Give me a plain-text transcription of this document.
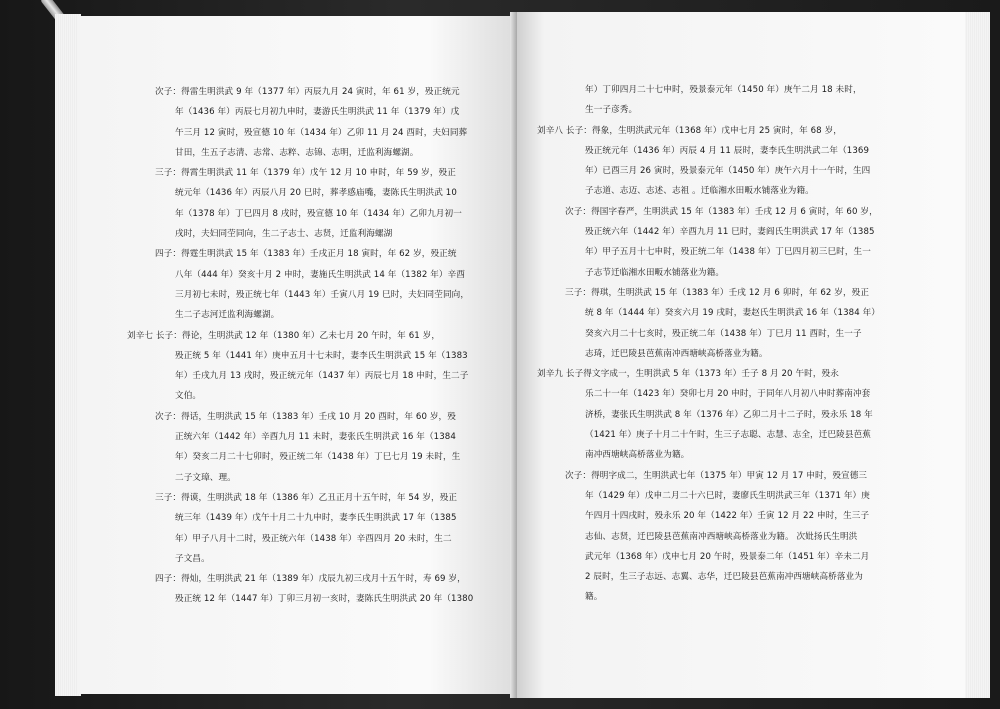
次子：得雷生明洪武 9 年（1377 年）丙辰九月 24 寅时，年 61 岁，殁正统元
年（1436 年）丙辰七月初九申时，妻游氏生明洪武 11 年（1379 年）戊
午三月 12 寅时，殁宣德 10 年（1434 年）乙卯 11 月 24 酉时，夫妇同葬
甘田，生五子志清、志常、志粹、志锦、志明，迁监利海螺湖。
三子：得霄生明洪武 11 年（1379 年）戊午 12 月 10 申时，年 59 岁，殁正
统元年（1436 年）丙辰八月 20 巳时，葬孝感庙嘴，妻陈氏生明洪武 10
年（1378 年）丁巳四月 8 戌时，殁宣德 10 年（1434 年）乙卯九月初一
戌时，夫妇同茔同向，生二子志士、志贤，迁监利海螺湖
四子：得霆生明洪武 15 年（1383 年）壬戌正月 18 寅时，年 62 岁，殁正统
八年（444 年）癸亥十月 2 申时，妻施氏生明洪武 14 年（1382 年）辛酉
三月初七未时，殁正统七年（1443 年）壬寅八月 19 巳时，夫妇同茔同向，
生二子志河迁监利海螺湖。
刘辛七 长子：得论，生明洪武 12 年（1380 年）乙未七月 20 午时，年 61 岁，
殁正统 5 年（1441 年）庚申五月十七未时，妻李氏生明洪武 15 年（1383
年）壬戌九月 13 戌时，殁正统元年（1437 年）丙辰七月 18 申时，生二子
文伯。
次子：得话，生明洪武 15 年（1383 年）壬戌 10 月 20 酉时，年 60 岁，殁
正统六年（1442 年）辛酉九月 11 未时，妻张氏生明洪武 16 年（1384
年）癸亥二月二十七卯时，殁正统二年（1438 年）丁巳七月 19 未时，生
二子文璋、理。
三子：得谟，生明洪武 18 年（1386 年）乙丑正月十五午时，年 54 岁，殁正
统三年（1439 年）戊午十月二十九申时，妻李氏生明洪武 17 年（1385
年）甲子八月十二时，殁正统六年（1438 年）辛酉四月 20 未时，生二
子文昌。
四子：得灿，生明洪武 21 年（1389 年）戊辰九初三戌月十五午时，寿 69 岁，
殁正统 12 年（1447 年）丁卯三月初一亥时，妻陈氏生明洪武 20 年（1380
年）丁卯四月二十七申时，殁景泰元年（1450 年）庚午二月 18 未时，
生一子彦秀。
刘辛八 长子：得象，生明洪武元年（1368 年）戊申七月 25 寅时，年 68 岁，
殁正统元年（1436 年）丙辰 4 月 11 辰时，妻李氏生明洪武二年（1369
年）已酉三月 26 寅时，殁景泰元年（1450 年）庚午六月十一午时，生四
子志道、志迈、志述、志祖 。迁临湘水田畈水铺落业为籍。
次子：得国字春严，生明洪武 15 年（1383 年）壬戌 12 月 6 寅时，年 60 岁，
殁正统六年（1442 年）辛酉九月 11 巳时，妻阎氏生明洪武 17 年（1385
年）甲子五月十七申时，殁正统二年（1438 年）丁巳四月初三巳时，生一
子志节迁临湘水田畈水铺落业为籍。
三子：得琪，生明洪武 15 年（1383 年）壬戌 12 月 6 卯时，年 62 岁，殁正
统 8 年（1444 年）癸亥六月 19 戌时，妻赵氏生明洪武 16 年（1384 年）
癸亥六月二十七亥时，殁正统二年（1438 年）丁巳月 11 酉时，生一子
志琦，迁巴陵县芭蕉南冲西塘峡高桥落业为籍。
刘辛九 长子得文字成一，生明洪武 5 年（1373 年）壬子 8 月 20 午时，殁永
乐二十一年（1423 年）癸卯七月 20 申时，于同年八月初八申时葬南冲套
济桥，妻张氏生明洪武 8 年（1376 年）乙卯二月十二子时，殁永乐 18 年
（1421 年）庚子十月二十午时，生三子志聪、志慧、志全，迁巴陵县芭蕉
南冲西塘峡高桥落业为籍。
次子：得明字成二，生明洪武七年（1375 年）甲寅 12 月 17 申时，殁宣德三
年（1429 年）戊申二月二十六巳时，妻廖氏生明洪武三年（1371 年）庚
午四月十四戌时，殁永乐 20 年（1422 年）壬寅 12 月 22 申时，生三子
志仙、志贤，迁巴陵县芭蕉南冲西塘峡高桥落业为籍。 次妣扬氏生明洪
武元年（1368 年）戊申七月 20 午时，殁景泰二年（1451 年）辛未二月
2 辰时，生三子志远、志翼、志华，迁巴陵县芭蕉南冲西塘峡高桥落业为
籍。
